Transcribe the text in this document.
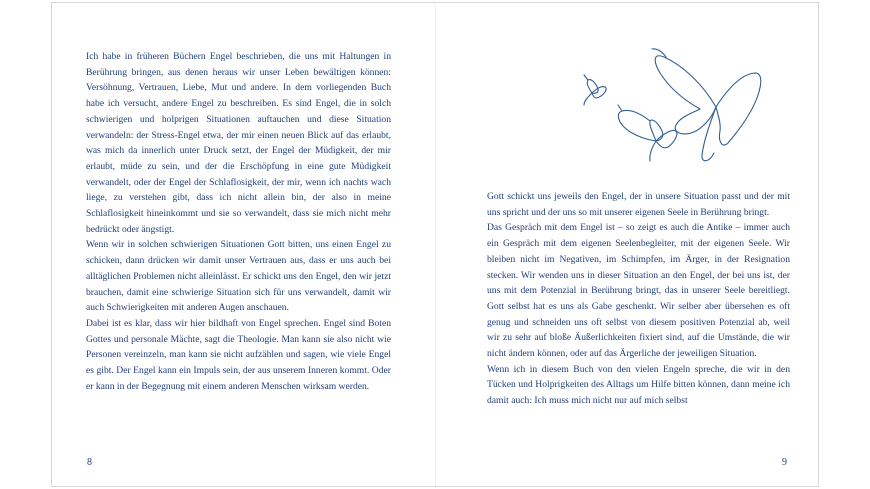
Ich habe in früheren Büchern Engel beschrieben, die uns mit Haltungen in Berührung bringen, aus denen heraus wir unser Leben bewältigen können: Versöhnung, Vertrauen, Liebe, Mut und andere. In dem vorliegenden Buch habe ich versucht, andere Engel zu beschreiben. Es sind Engel, die in solch schwierigen und holprigen Situationen auftauchen und diese Situation verwandeln: der Stress-Engel etwa, der mir einen neuen Blick auf das erlaubt, was mich da innerlich unter Druck setzt, der Engel der Müdigkeit, der mir erlaubt, müde zu sein, und der die Erschöpfung in eine gute Müdigkeit verwandelt, oder der Engel der Schlaflosigkeit, der mir, wenn ich nachts wach liege, zu verstehen gibt, dass ich nicht allein bin, der also in meine Schlaflosigkeit hineinkommt und sie so verwandelt, dass sie mich nicht mehr bedrückt oder ängstigt.

Wenn wir in solchen schwierigen Situationen Gott bitten, uns einen Engel zu schicken, dann drücken wir damit unser Vertrauen aus, dass er uns auch bei alltäglichen Problemen nicht alleinlässt. Er schickt uns den Engel, den wir jetzt brauchen, damit eine schwierige Situation sich für uns verwandelt, damit wir auch Schwierigkeiten mit anderen Augen anschauen.

Dabei ist es klar, dass wir hier bildhaft von Engel sprechen. Engel sind Boten Gottes und personale Mächte, sagt die Theologie. Man kann sie also nicht wie Personen vereinzeln, man kann sie nicht aufzählen und sagen, wie viele Engel es gibt. Der Engel kann ein Impuls sein, der aus unserem Inneren kommt. Oder er kann in der Begegnung mit einem anderen Menschen wirksam werden.

8

Gott schickt uns jeweils den Engel, der in unsere Situation passt und der mit uns spricht und der uns so mit unserer eigenen Seele in Berührung bringt.

Das Gespräch mit dem Engel ist – so zeigt es auch die Antike – immer auch ein Gespräch mit dem eigenen Seelenbegleiter, mit der eigenen Seele. Wir bleiben nicht im Negativen, im Schimpfen, im Ärger, in der Resignation stecken. Wir wenden uns in dieser Situation an den Engel, der bei uns ist, der uns mit dem Potenzial in Berührung bringt, das in unserer Seele bereitliegt. Gott selbst hat es uns als Gabe geschenkt. Wir selber aber übersehen es oft genug und schneiden uns oft selbst von diesem positiven Potenzial ab, weil wir zu sehr auf bloße Äußerlichkeiten fixiert sind, auf die Umstände, die wir nicht ändern können, oder auf das Ärgerliche der jeweiligen Situation.

Wenn ich in diesem Buch von den vielen Engeln spreche, die wir in den Tücken und Holprigkeiten des Alltags um Hilfe bitten können, dann meine ich damit auch: Ich muss mich nicht nur auf mich selbst

9
